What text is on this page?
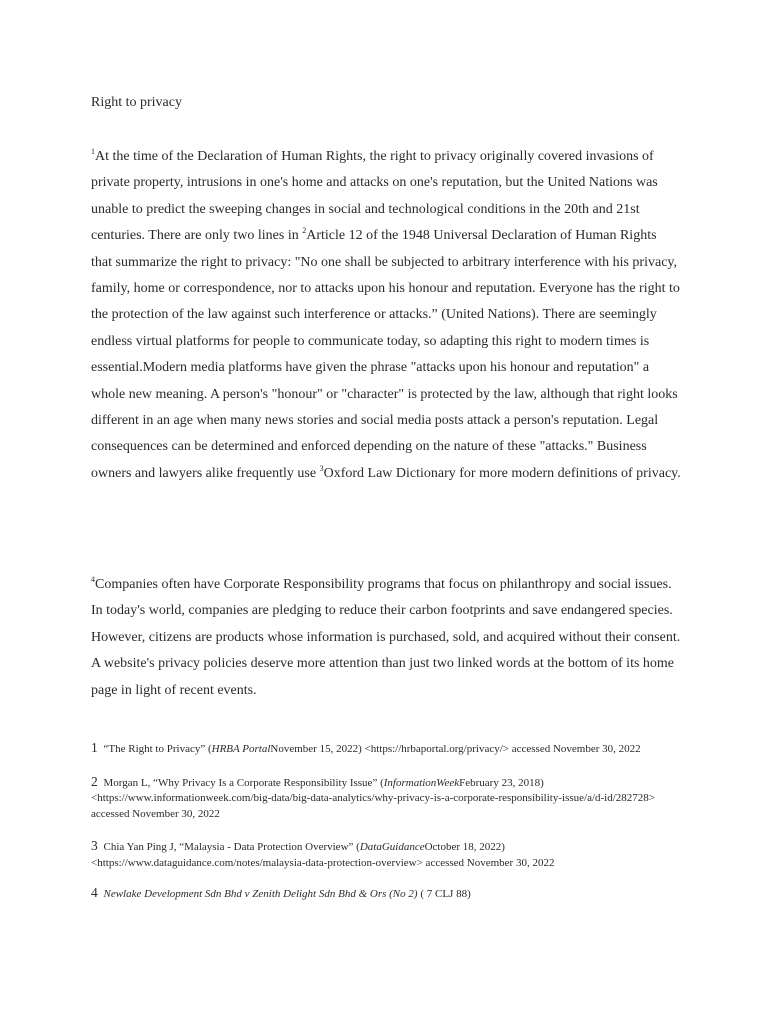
Right to privacy

$^1$At the time of the Declaration of Human Rights, the right to privacy originally covered invasions of private property, intrusions in one's home and attacks on one's reputation, but the United Nations was unable to predict the sweeping changes in social and technological conditions in the 20th and 21st centuries. There are only two lines in $^2$Article 12 of the 1948 Universal Declaration of Human Rights that summarize the right to privacy: "No one shall be subjected to arbitrary interference with his privacy, family, home or correspondence, nor to attacks upon his honour and reputation. Everyone has the right to the protection of the law against such interference or attacks.” (United Nations). There are seemingly endless virtual platforms for people to communicate today, so adapting this right to modern times is essential.Modern media platforms have given the phrase "attacks upon his honour and reputation" a whole new meaning. A person's "honour" or "character" is protected by the law, although that right looks different in an age when many news stories and social media posts attack a person's reputation. Legal consequences can be determined and enforced depending on the nature of these "attacks." Business owners and lawyers alike frequently use $^3$Oxford Law Dictionary for more modern definitions of privacy.

$^4$Companies often have Corporate Responsibility programs that focus on philanthropy and social issues. In today's world, companies are pledging to reduce their carbon footprints and save endangered species. However, citizens are products whose information is purchased, sold, and acquired without their consent. A website's privacy policies deserve more attention than just two linked words at the bottom of its home page in light of recent events.

1 “The Right to Privacy” (HRBA PortalNovember 15, 2022) <https://hrbaportal.org/privacy/> accessed November 30, 2022

2 Morgan L, “Why Privacy Is a Corporate Responsibility Issue” (InformationWeekFebruary 23, 2018) <https://www.informationweek.com/big-data/big-data-analytics/why-privacy-is-a-corporate-responsibility-issue/a/d-id/282728> accessed November 30, 2022

3 Chia Yan Ping J, “Malaysia - Data Protection Overview” (DataGuidanceOctober 18, 2022) <https://www.dataguidance.com/notes/malaysia-data-protection-overview> accessed November 30, 2022

4 Newlake Development Sdn Bhd v Zenith Delight Sdn Bhd & Ors (No 2) ( 7 CLJ 88)
